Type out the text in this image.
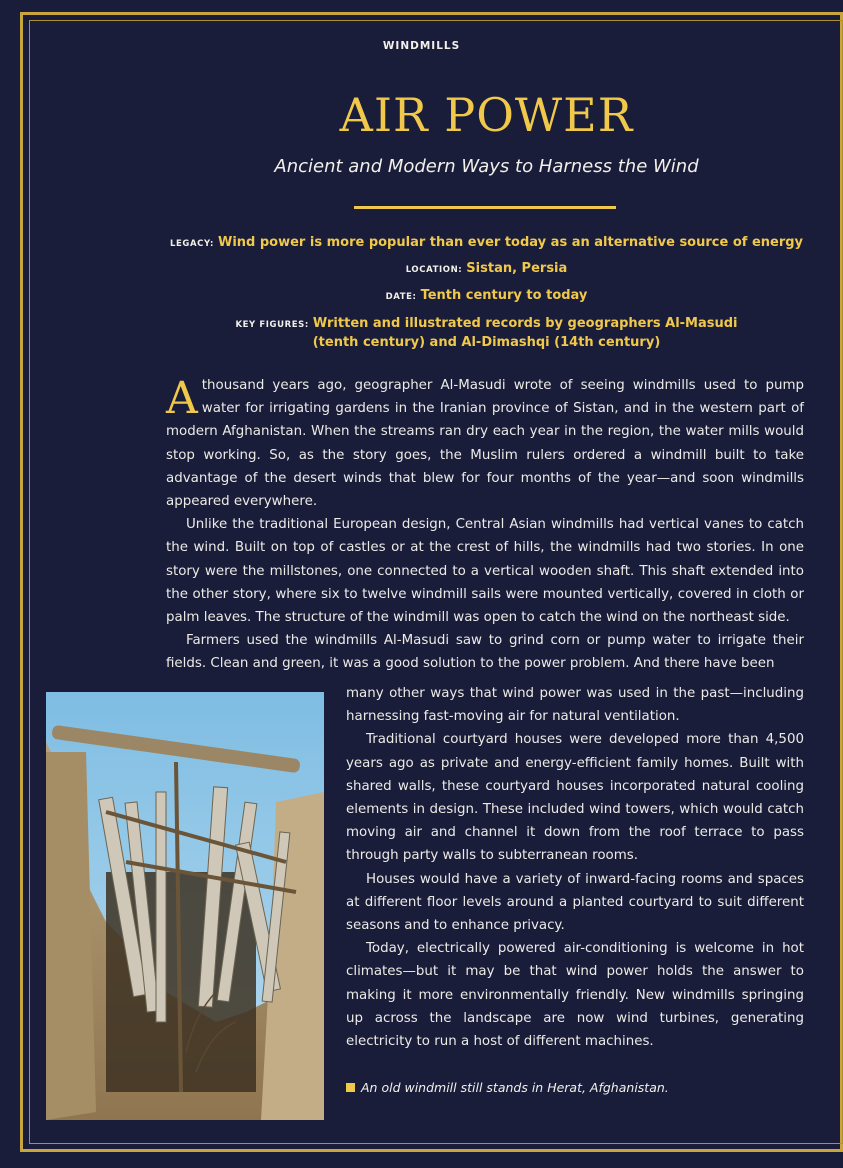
WINDMILLS
AIR POWER
Ancient and Modern Ways to Harness the Wind
LEGACY: Wind power is more popular than ever today as an alternative source of energy
LOCATION: Sistan, Persia
DATE: Tenth century to today
KEY FIGURES: Written and illustrated records by geographers Al-Masudi
(tenth century) and Al-Dimashqi (14th century)

A thousand years ago, geographer Al-Masudi wrote of seeing windmills used to pump water for irrigating gardens in the Iranian province of Sistan, and in the western part of modern Afghanistan. When the streams ran dry each year in the region, the water mills would stop working. So, as the story goes, the Muslim rulers ordered a windmill built to take advantage of the desert winds that blew for four months of the year—and soon windmills appeared everywhere.

Unlike the traditional European design, Central Asian windmills had vertical vanes to catch the wind. Built on top of castles or at the crest of hills, the windmills had two stories. In one story were the millstones, one connected to a vertical wooden shaft. This shaft extended into the other story, where six to twelve windmill sails were mounted vertically, covered in cloth or palm leaves. The structure of the windmill was open to catch the wind on the northeast side.

Farmers used the windmills Al-Masudi saw to grind corn or pump water to irrigate their fields. Clean and green, it was a good solution to the power problem. And there have been

many other ways that wind power was used in the past—including harnessing fast-moving air for natural ventilation.

Traditional courtyard houses were developed more than 4,500 years ago as private and energy-efficient family homes. Built with shared walls, these courtyard houses incorporated natural cooling elements in design. These included wind towers, which would catch moving air and channel it down from the roof terrace to pass through party walls to subterranean rooms.

Houses would have a variety of inward-facing rooms and spaces at different floor levels around a planted courtyard to suit different seasons and to enhance privacy.

Today, electrically powered air-conditioning is welcome in hot climates—but it may be that wind power holds the answer to making it more environmentally friendly. New windmills springing up across the landscape are now wind turbines, generating electricity to run a host of different machines.

An old windmill still stands in Herat, Afghanistan.
